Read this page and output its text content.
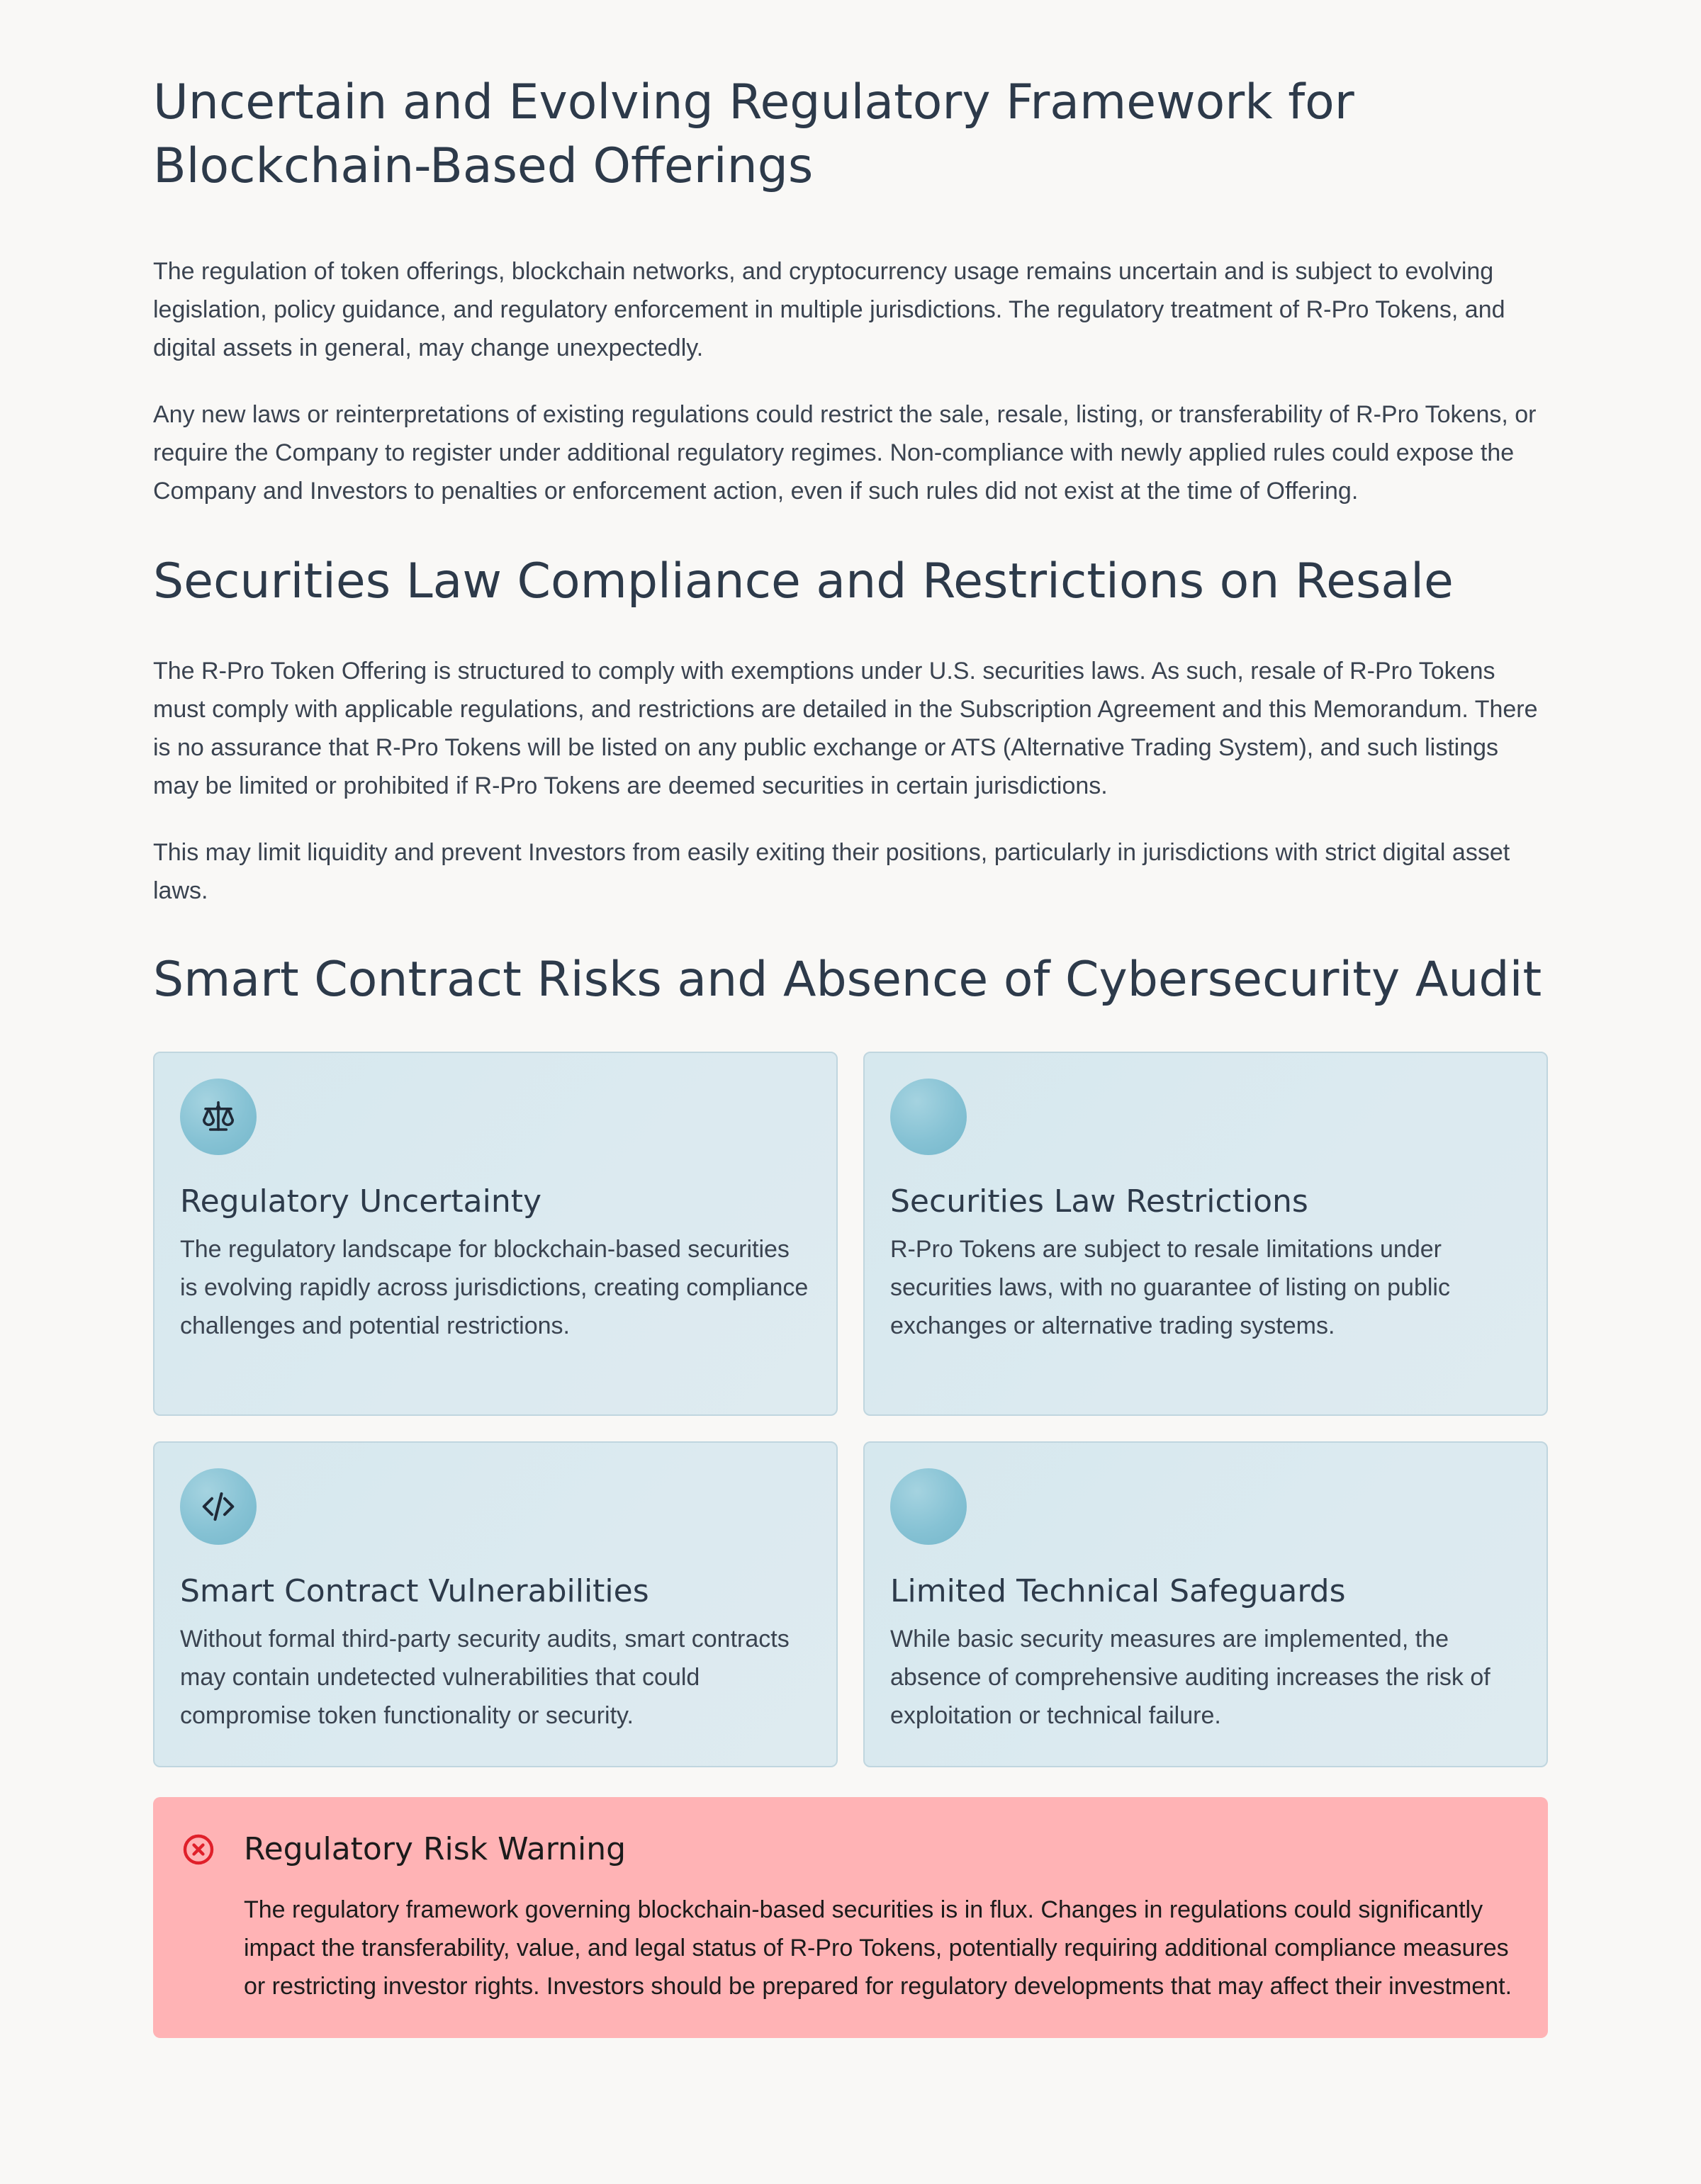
Uncertain and Evolving Regulatory Framework for Blockchain-Based Offerings

The regulation of token offerings, blockchain networks, and cryptocurrency usage remains uncertain and is subject to evolving legislation, policy guidance, and regulatory enforcement in multiple jurisdictions. The regulatory treatment of R-Pro Tokens, and digital assets in general, may change unexpectedly.

Any new laws or reinterpretations of existing regulations could restrict the sale, resale, listing, or transferability of R-Pro Tokens, or require the Company to register under additional regulatory regimes. Non-compliance with newly applied rules could expose the Company and Investors to penalties or enforcement action, even if such rules did not exist at the time of Offering.

Securities Law Compliance and Restrictions on Resale

The R-Pro Token Offering is structured to comply with exemptions under U.S. securities laws. As such, resale of R-Pro Tokens must comply with applicable regulations, and restrictions are detailed in the Subscription Agreement and this Memorandum. There is no assurance that R-Pro Tokens will be listed on any public exchange or ATS (Alternative Trading System), and such listings may be limited or prohibited if R-Pro Tokens are deemed securities in certain jurisdictions.

This may limit liquidity and prevent Investors from easily exiting their positions, particularly in jurisdictions with strict digital asset laws.

Smart Contract Risks and Absence of Cybersecurity Audit
Regulatory Uncertainty

The regulatory landscape for blockchain-based securities is evolving rapidly across jurisdictions, creating compliance challenges and potential restrictions.

Securities Law Restrictions

R-Pro Tokens are subject to resale limitations under securities laws, with no guarantee of listing on public exchanges or alternative trading systems.

Smart Contract Vulnerabilities

Without formal third-party security audits, smart contracts may contain undetected vulnerabilities that could compromise token functionality or security.

Limited Technical Safeguards

While basic security measures are implemented, the absence of comprehensive auditing increases the risk of exploitation or technical failure.

Regulatory Risk Warning

The regulatory framework governing blockchain-based securities is in flux. Changes in regulations could significantly impact the transferability, value, and legal status of R-Pro Tokens, potentially requiring additional compliance measures or restricting investor rights. Investors should be prepared for regulatory developments that may affect their investment.
